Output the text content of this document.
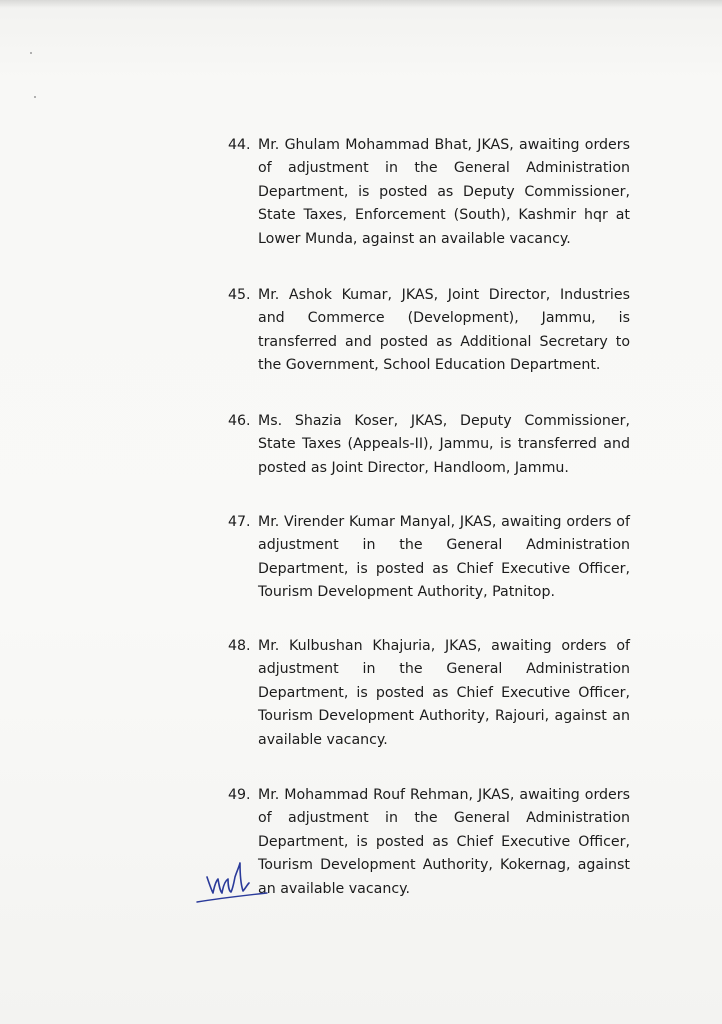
44. Mr. Ghulam Mohammad Bhat, JKAS, awaiting orders of adjustment in the General Administration Department, is posted as Deputy Commissioner, State Taxes, Enforcement (South), Kashmir hqr at Lower Munda, against an available vacancy.
45. Mr. Ashok Kumar, JKAS, Joint Director, Industries and Commerce (Development), Jammu, is transferred and posted as Additional Secretary to the Government, School Education Department.
46. Ms. Shazia Koser, JKAS, Deputy Commissioner, State Taxes (Appeals-II), Jammu, is transferred and posted as Joint Director, Handloom, Jammu.
47. Mr. Virender Kumar Manyal, JKAS, awaiting orders of adjustment in the General Administration Department, is posted as Chief Executive Officer, Tourism Development Authority, Patnitop.
48. Mr. Kulbushan Khajuria, JKAS, awaiting orders of adjustment in the General Administration Department, is posted as Chief Executive Officer, Tourism Development Authority, Rajouri, against an available vacancy.
49. Mr. Mohammad Rouf Rehman, JKAS, awaiting orders of adjustment in the General Administration Department, is posted as Chief Executive Officer, Tourism Development Authority, Kokernag, against an available vacancy.
